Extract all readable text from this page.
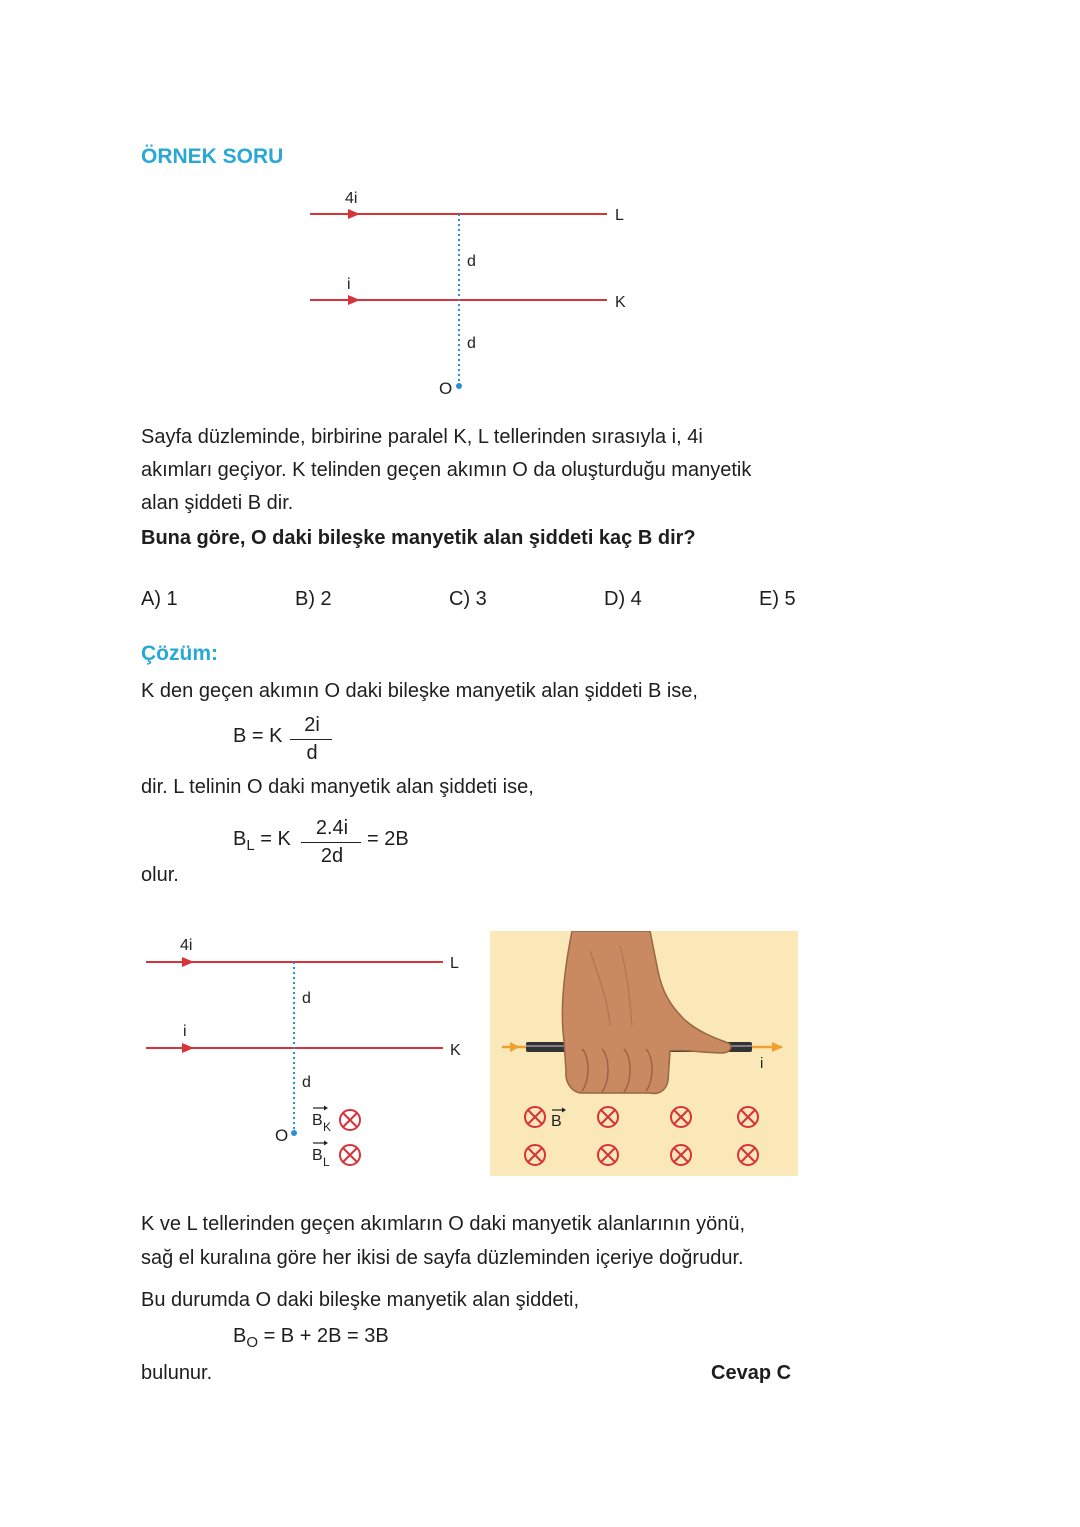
ÖRNEK SORU
4i
L
i
K
d
d
O
Sayfa düzleminde, birbirine paralel K, L tellerinden sırasıyla i, 4i
akımları geçiyor. K telinden geçen akımın O da oluşturduğu manyetik
alan şiddeti B dir.
Buna göre, O daki bileşke manyetik alan şiddeti kaç B dir?
A) 1	B) 2	C) 3	D) 4	E) 5
Çözüm:
K den geçen akımın O daki bileşke manyetik alan şiddeti B ise,
B = K	2i
d
dir. L telinin O daki manyetik alan şiddeti ise,
$B_L = K$	2.4i
2d
= 2B
olur.
4i
L
i
K
d
d
O
B K
B L
i
B
K ve L tellerinden geçen akımların O daki manyetik alanlarının yönü,
sağ el kuralına göre her ikisi de sayfa düzleminden içeriye doğrudur.
Bu durumda O daki bileşke manyetik alan şiddeti,
$B_O = B + 2B = 3B$
bulunur.	Cevap C
